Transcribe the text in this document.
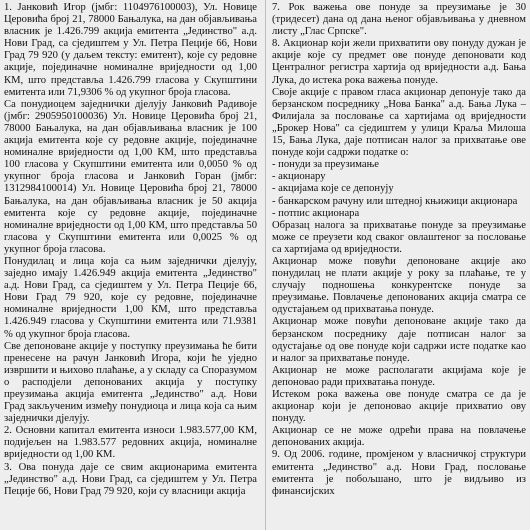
1. Јанковић Игор (јмбг: 1104976100003), Ул. Новице Церовића број 21, 78000 Бањалука, на дан објављивања власник је 1.426.799 акција емитента „Јединство" а.д. Нови Град, са сједиштем у Ул. Петра Пеције 66, Нови Град 79 920 (у даљем тексту: емитент), које су редовне акције, појединачне номиналне вриједности од 1,00 КМ, што представља 1.426.799 гласова у Скупштини емитента или 71,9306 % од укупног броја гласова.

Са понудиоцем заједнички дјелују Јанковић Радивоје (јмбг: 2905950100036) Ул. Новице Церовића број 21, 78000 Бањалука, на дан објављивања власник је 100 акција емитента које су редовне акције, појединачне номиналне вриједности од 1,00 КМ, што представља 100 гласова у Скупштини емитента или 0,0050 % од укупног броја гласова и Јанковић Горан (јмбг: 1312984100014) Ул. Новице Церовића број 21, 78000 Бањалука, на дан објављивања власник је 50 акција емитента које су редовне акције, појединачне номиналне вриједности од 1,00 КМ, што представља 50 гласова у Скупштини емитента или 0,0025 % од укупног броја гласова.

Понудилац и лица која са њим заједнички дјелују, заједно имају 1.426.949 акција емитента „Јединство" а.д. Нови Град, са сједиштем у Ул. Петра Пеције 66, Нови Град 79 920, које су редовне, појединачне номиналне вриједности 1,00 КМ, што представља 1.426.949 гласова у Скупштини емитента или 71.9381 % од укупног броја гласова.

Све депоноване акције у поступку преузимања ће бити пренесене на рачун Јанковић Игора, који ће уједно извршити и њихово плаћање, а у складу са Споразумом о расподјели депонованих акција у поступку преузимања акција емитента „Јединство" а.д. Нови Град закљученим између понудиоца и лица која са њим заједнички дјелују.

2. Основни капитал емитента износи 1.983.577,00 КМ, подијељен на 1.983.577 редовних акција, номиналне вриједности од 1,00 КМ.

3. Ова понуда даје се свим акционарима емитента „Јединство" а.д. Нови Град, са сједиштем у Ул. Петра Пеције 66, Нови Град 79 920, који су власници акција

7. Рок важења ове понуде за преузимање је 30 (тридесет) дана од дана њеног објављивања у дневном листу „Глас Српске".

8. Акционар који жели прихватити ову понуду дужан је акције које су предмет ове понуде депоновати код Централног регистра хартија од вриједности а.д. Бања Лука, до истека рока важења понуде.

Своје акције с правом гласа акционар депонује тако да берзанском посреднику „Нова Банка" а.д. Бања Лука – Филијала за пословање са хартијама од вриједности „Брокер Нова" са сједиштем у улици Краља Милоша 15, Бања Лука, даје потписан налог за прихватање ове понуде који садржи податке о:

- понуди за преузимање

- акционару

- акцијама које се депонују

- банкарском рачуну или штедној књижици акционара

- потпис акционара

Образац налога за прихватање понуде за преузимање може се преузети код сваког овлаштеног за пословање са хартијама од вриједности.

Акционар може повући депоноване акције ако понудилац не плати акције у року за плаћање, те у случају подношења конкурентске понуде за преузимање. Повлачење депонованих акција сматра се одустајањем од прихватања понуде.

Акционар може повући депоноване акције тако да берзанском посреднику даје потписан налог за одустајање од ове понуде који садржи исте податке као и налог за прихватање понуде.

Акционар не може располагати акцијама које је депоновао ради прихватања понуде.

Истеком рока важења ове понуде сматра се да је акционар који је депоновао акције прихватио ову понуду.

Акционар се не може одрећи права на повлачење депонованих акција.

9. Од 2006. године, промјеном у власничкој структури емитента „Јединство" а.д. Нови Град, пословање емитента је побољшано, што је видљиво из финансијских
